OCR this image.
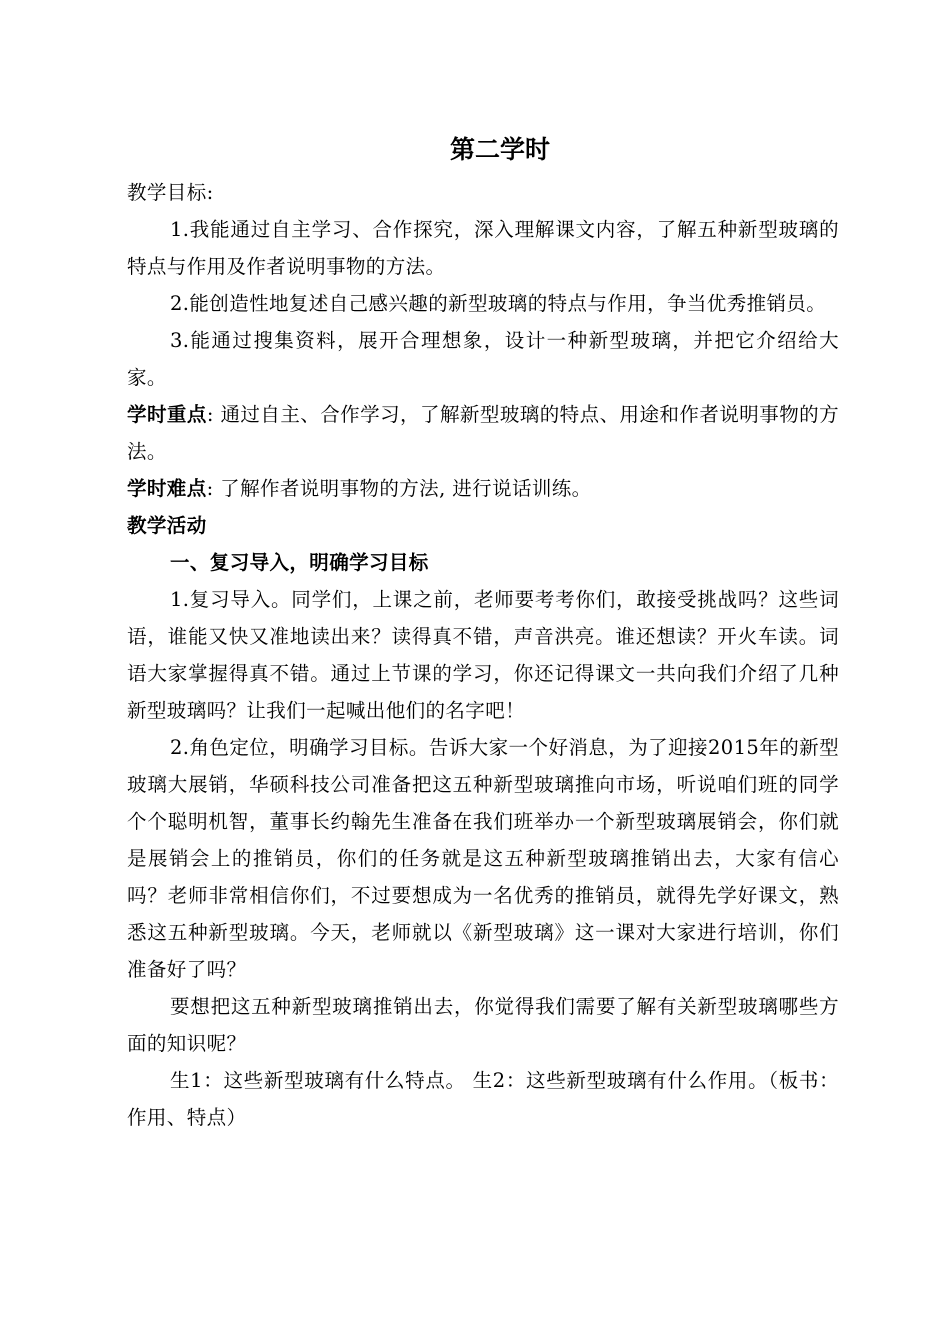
第二学时

教学目标:

1.我能通过自主学习、合作探究，深入理解课文内容，了解五种新型玻璃的特点与作用及作者说明事物的方法。

2.能创造性地复述自己感兴趣的新型玻璃的特点与作用，争当优秀推销员。

3.能通过搜集资料，展开合理想象，设计一种新型玻璃，并把它介绍给大家。

学时重点: 通过自主、合作学习，了解新型玻璃的特点、用途和作者说明事物的方法。

学时难点: 了解作者说明事物的方法, 进行说话训练。

教学活动

一、复习导入，明确学习目标

1.复习导入。同学们，上课之前，老师要考考你们，敢接受挑战吗？这些词语，谁能又快又准地读出来？读得真不错，声音洪亮。谁还想读？开火车读。词语大家掌握得真不错。通过上节课的学习，你还记得课文一共向我们介绍了几种新型玻璃吗？让我们一起喊出他们的名字吧！

2.角色定位，明确学习目标。告诉大家一个好消息，为了迎接2015年的新型玻璃大展销，华硕科技公司准备把这五种新型玻璃推向市场，听说咱们班的同学个个聪明机智，董事长约翰先生准备在我们班举办一个新型玻璃展销会，你们就是展销会上的推销员，你们的任务就是这五种新型玻璃推销出去，大家有信心吗？老师非常相信你们，不过要想成为一名优秀的推销员，就得先学好课文，熟悉这五种新型玻璃。今天，老师就以《新型玻璃》这一课对大家进行培训，你们准备好了吗？

要想把这五种新型玻璃推销出去，你觉得我们需要了解有关新型玻璃哪些方面的知识呢？

生1：这些新型玻璃有什么特点。 生2：这些新型玻璃有什么作用。（板书：作用、特点）
